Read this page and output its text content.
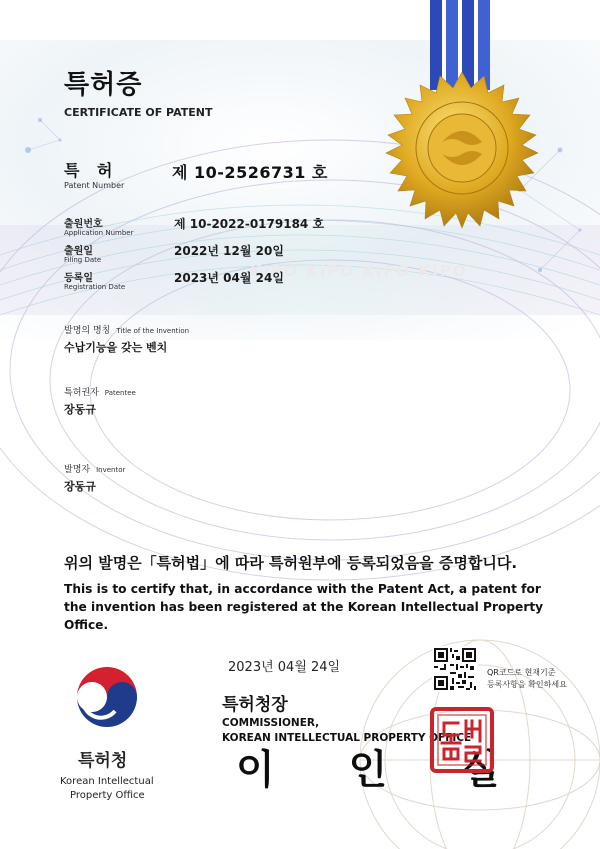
특허증
CERTIFICATE OF PATENT
특 허
Patent Number
제 10-2526731 호
출원번호
Application Number
제 10-2022-0179184 호
KIPO KIPO KIPO KIPO
출원일
Filing Date
2022년 12월 20일
등록일
Registration Date
2023년 04월 24일
발명의 명칭 Title of the Invention
수납기능을 갖는 벤치
특허권자 Patentee
장동규
발명자 Inventor
장동규
위의 발명은「특허법」에 따라 특허원부에 등록되었음을 증명합니다.
This is to certify that, in accordance with the Patent Act, a patent for the invention has been registered at the Korean Intellectual Property Office.
2023년 04월 24일	QR코드로 현재기준
등록사항을 확인하세요
특허청장
COMMISSIONER,
KOREAN INTELLECTUAL PROPERTY OFFICE
이 인 실
특허청
Korean Intellectual
Property Office
